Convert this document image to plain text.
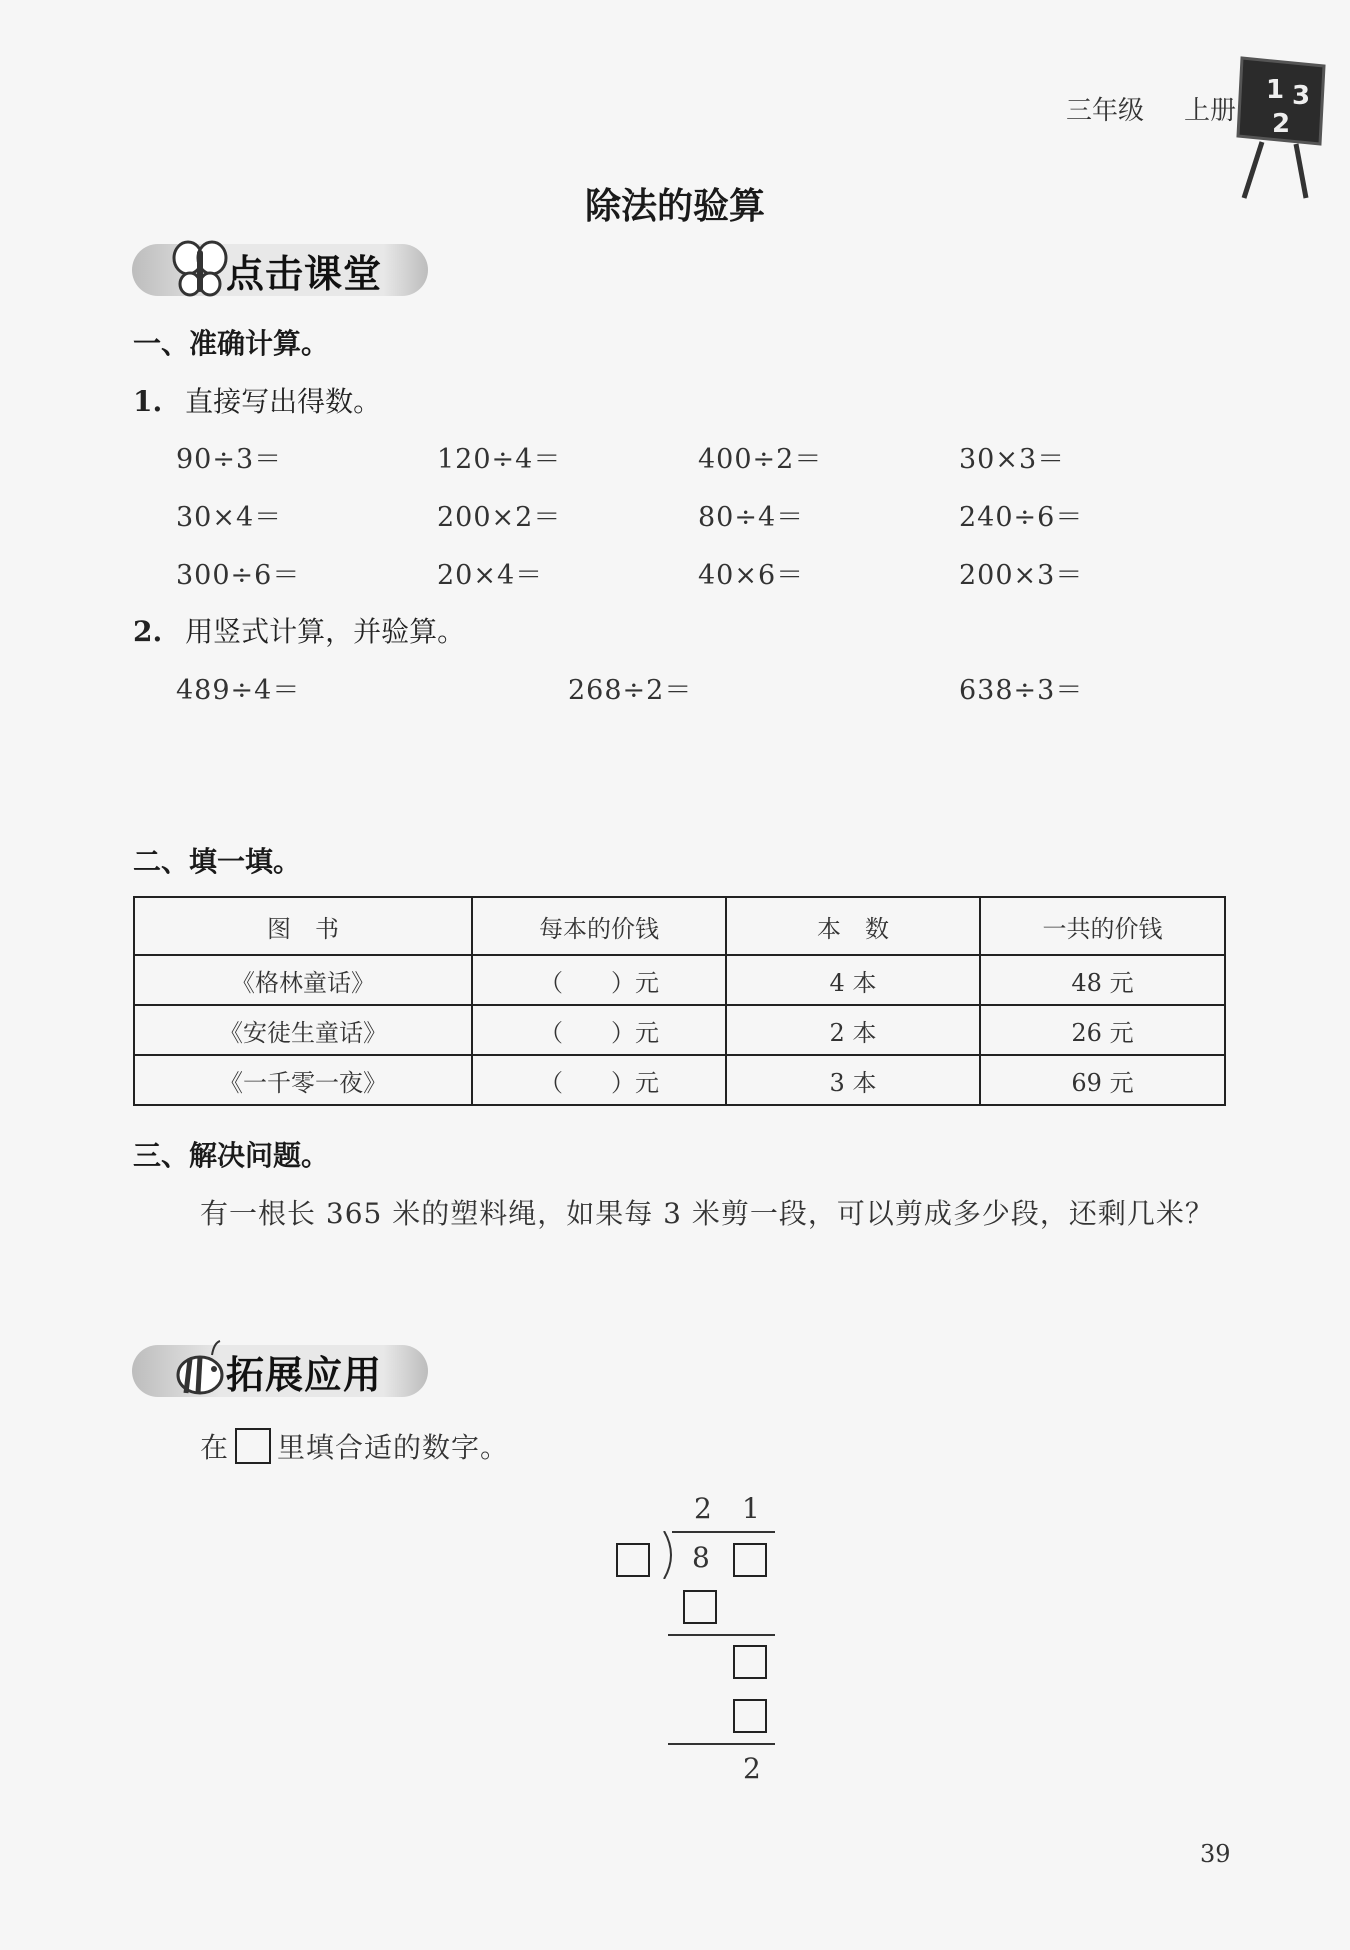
三年级 上册
1 3
2
除法的验算
点击课堂
一、准确计算。
1. 直接写出得数。
90÷3＝	120÷4＝	400÷2＝	30×3＝
30×4＝	200×2＝	80÷4＝	240÷6＝
300÷6＝	20×4＝	40×6＝	200×3＝
2. 用竖式计算，并验算。
489÷4＝	268÷2＝	638÷3＝
二、填一填。
图　书	每本的价钱	本　数	一共的价钱
《格林童话》	（　　）元	4 本	48 元
《安徒生童话》	（　　）元	2 本	26 元
《一千零一夜》	（　　）元	3 本	69 元
三、解决问题。
有一根长 365 米的塑料绳，如果每 3 米剪一段，可以剪成多少段，还剩几米？
拓展应用
在 里填合适的数字。
2 1
8
2
39
